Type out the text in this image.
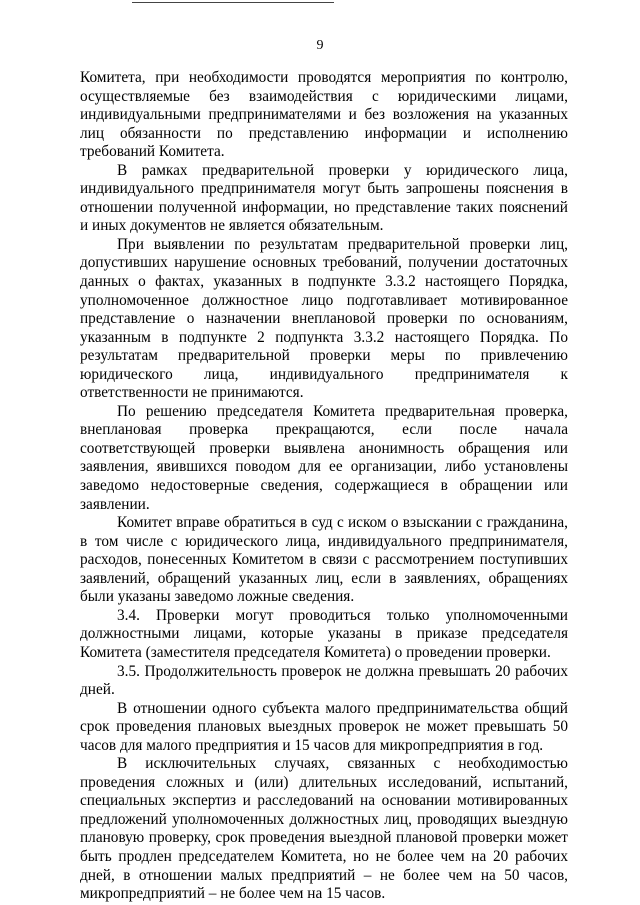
9

Комитета, при необходимости проводятся мероприятия по контролю, осуществляемые без взаимодействия с юридическими лицами, индивидуальными предпринимателями и без возложения на указанных лиц обязанности по представлению информации и исполнению требований Комитета.

В рамках предварительной проверки у юридического лица, индивидуального предпринимателя могут быть запрошены пояснения в отношении полученной информации, но представление таких пояснений и иных документов не является обязательным.

При выявлении по результатам предварительной проверки лиц, допустивших нарушение основных требований, получении достаточных данных о фактах, указанных в подпункте 3.3.2 настоящего Порядка, уполномоченное должностное лицо подготавливает мотивированное представление о назначении внеплановой проверки по основаниям, указанным в подпункте 2 подпункта 3.3.2 настоящего Порядка. По результатам предварительной проверки меры по привлечению юридического лица, индивидуального предпринимателя к ответственности не принимаются.

По решению председателя Комитета предварительная проверка, внеплановая проверка прекращаются, если после начала соответствующей проверки выявлена анонимность обращения или заявления, явившихся поводом для ее организации, либо установлены заведомо недостоверные сведения, содержащиеся в обращении или заявлении.

Комитет вправе обратиться в суд с иском о взыскании с гражданина, в том числе с юридического лица, индивидуального предпринимателя, расходов, понесенных Комитетом в связи с рассмотрением поступивших заявлений, обращений указанных лиц, если в заявлениях, обращениях были указаны заведомо ложные сведения.

3.4. Проверки могут проводиться только уполномоченными должностными лицами, которые указаны в приказе председателя Комитета (заместителя председателя Комитета) о проведении проверки.

3.5. Продолжительность проверок не должна превышать 20 рабочих дней.

В отношении одного субъекта малого предпринимательства общий срок проведения плановых выездных проверок не может превышать 50 часов для малого предприятия и 15 часов для микропредприятия в год.

В исключительных случаях, связанных с необходимостью проведения сложных и (или) длительных исследований, испытаний, специальных экспертиз и расследований на основании мотивированных предложений уполномоченных должностных лиц, проводящих выездную плановую проверку, срок проведения выездной плановой проверки может быть продлен председателем Комитета, но не более чем на 20 рабочих дней, в отношении малых предприятий – не более чем на 50 часов, микропредприятий – не более чем на 15 часов.
